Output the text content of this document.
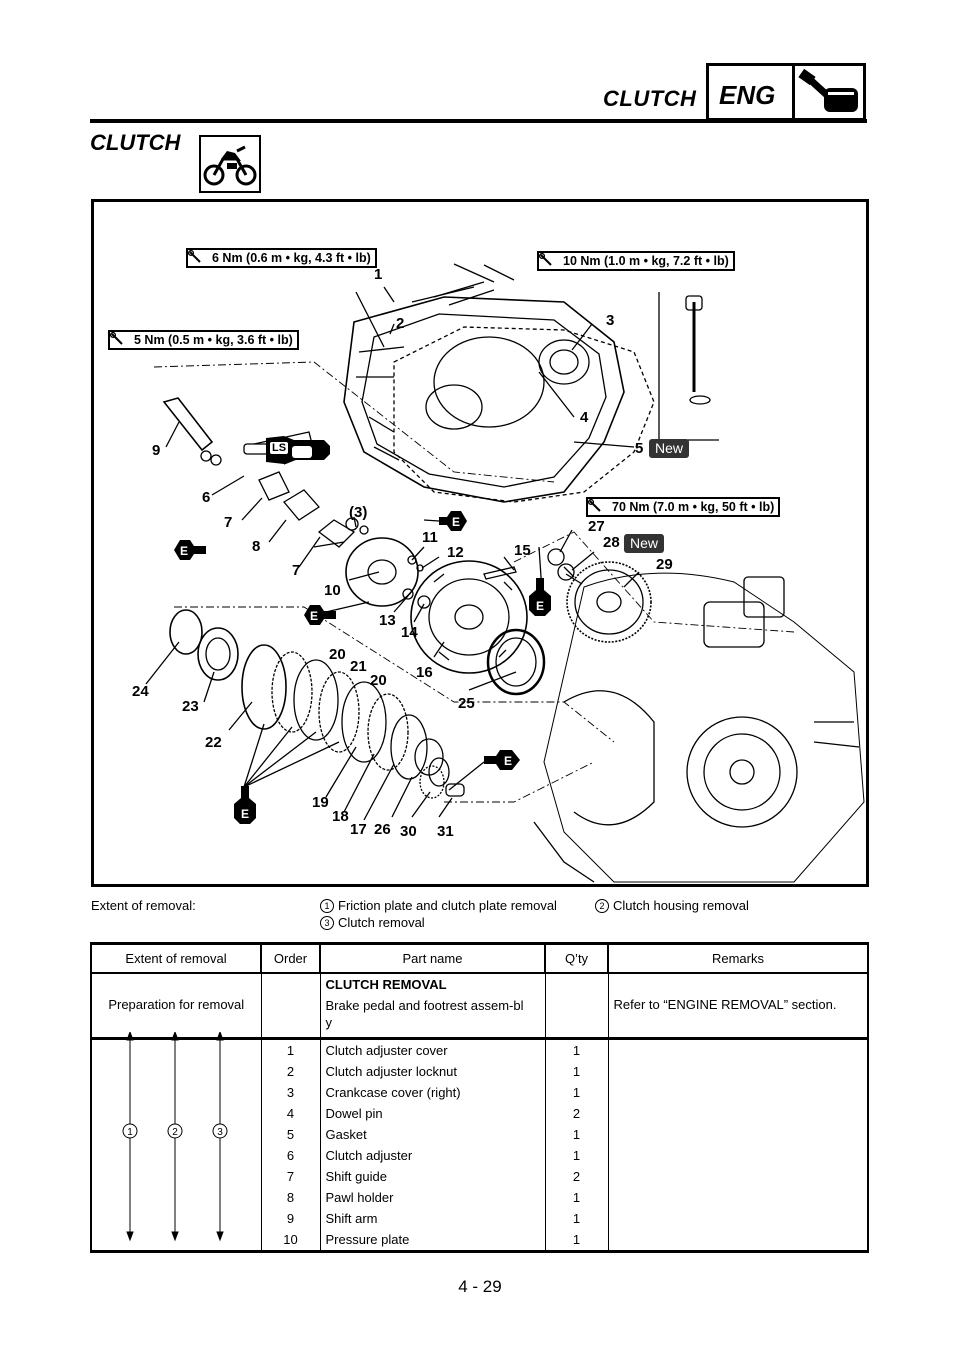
CLUTCH ENG
CLUTCH
6 Nm (0.6 m • kg, 4.3 ft • lb)	10 Nm (1.0 m • kg, 7.2 ft • lb)
5 Nm (0.5 m • kg, 3.6 ft • lb)
70 Nm (7.0 m • kg, 50 ft • lb)
New
New
E
E
E
E
E
E
LS
1
2	3
4
5
9
6
7
8
7
(3)
11
12
10
15
27
28
29
13
14
20
21
20 16
24
23	25
22
19
18
17 26 30 31
Extent of removal:	1 Friction plate and clutch plate removal	2 Clutch housing removal
3 Clutch removal
Extent of removal	Order	Part name	Q’ty	Remarks
		CLUTCH REMOVAL		
Preparation for removal		Brake pedal and footrest assem-bly		Refer to “ENGINE REMOVAL” section.
	1	Clutch adjuster cover	1	
	2	Clutch adjuster locknut	1	
	3	Crankcase cover (right)	1	
	4	Dowel pin	2	
	5	Gasket	1	
	6	Clutch adjuster	1	
	7	Shift guide	2	
	8	Pawl holder	1	
	9	Shift arm	1	
	10	Pressure plate	1	
1	2	3
4 - 29
